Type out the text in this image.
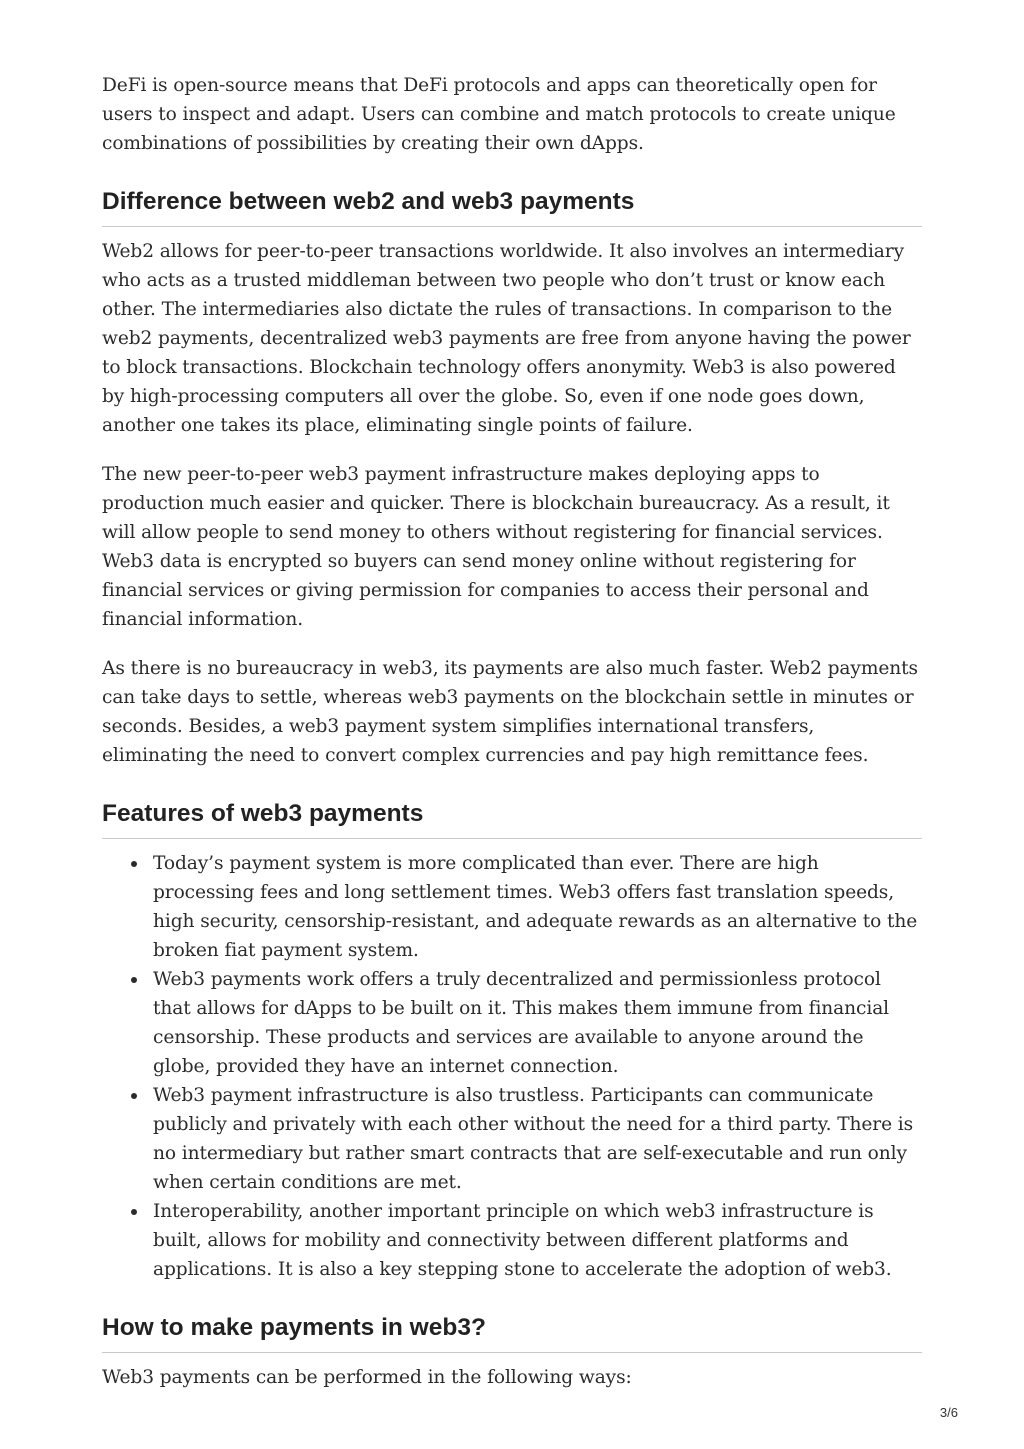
DeFi is open-source means that DeFi protocols and apps can theoretically open for users to inspect and adapt. Users can combine and match protocols to create unique combinations of possibilities by creating their own dApps.

Difference between web2 and web3 payments

Web2 allows for peer-to-peer transactions worldwide. It also involves an intermediary who acts as a trusted middleman between two people who don’t trust or know each other. The intermediaries also dictate the rules of transactions. In comparison to the web2 payments, decentralized web3 payments are free from anyone having the power to block transactions. Blockchain technology offers anonymity. Web3 is also powered by high-processing computers all over the globe. So, even if one node goes down, another one takes its place, eliminating single points of failure.

The new peer-to-peer web3 payment infrastructure makes deploying apps to production much easier and quicker. There is blockchain bureaucracy. As a result, it will allow people to send money to others without registering for financial services. Web3 data is encrypted so buyers can send money online without registering for financial services or giving permission for companies to access their personal and financial information.

As there is no bureaucracy in web3, its payments are also much faster. Web2 payments can take days to settle, whereas web3 payments on the blockchain settle in minutes or seconds. Besides, a web3 payment system simplifies international transfers, eliminating the need to convert complex currencies and pay high remittance fees.

Features of web3 payments
Today’s payment system is more complicated than ever. There are high processing fees and long settlement times. Web3 offers fast translation speeds, high security, censorship-resistant, and adequate rewards as an alternative to the broken fiat payment system.
Web3 payments work offers a truly decentralized and permissionless protocol that allows for dApps to be built on it. This makes them immune from financial censorship. These products and services are available to anyone around the globe, provided they have an internet connection.
Web3 payment infrastructure is also trustless. Participants can communicate publicly and privately with each other without the need for a third party. There is no intermediary but rather smart contracts that are self-executable and run only when certain conditions are met.
Interoperability, another important principle on which web3 infrastructure is built, allows for mobility and connectivity between different platforms and applications. It is also a key stepping stone to accelerate the adoption of web3.
How to make payments in web3?

Web3 payments can be performed in the following ways:

3/6
